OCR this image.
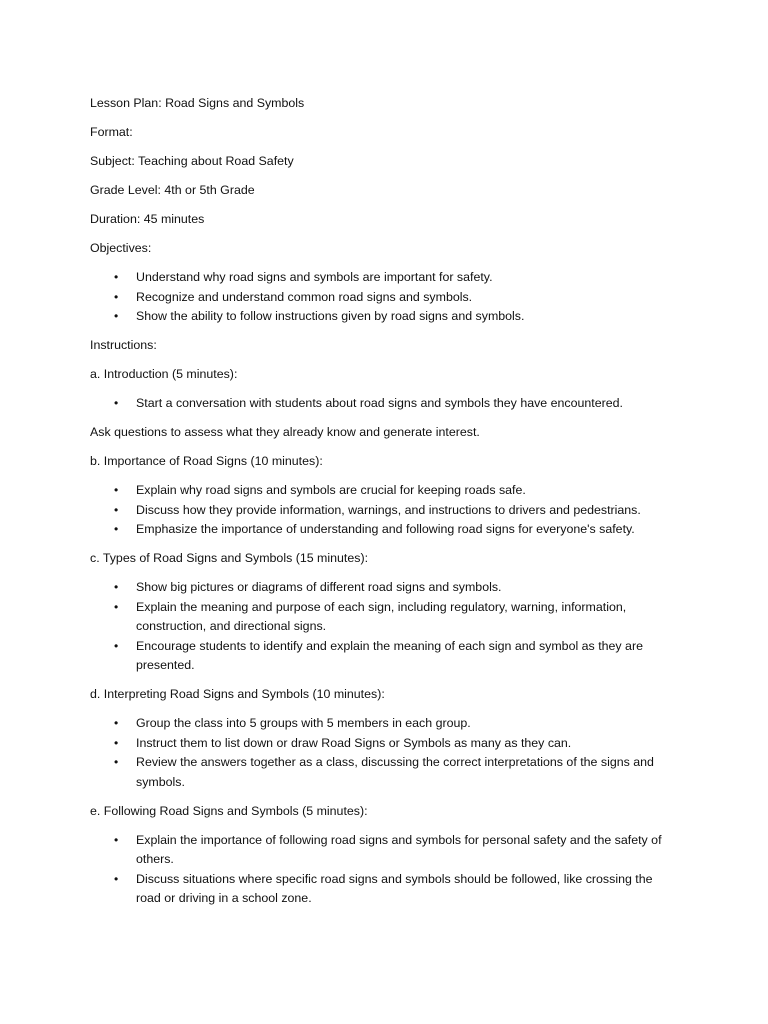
Lesson Plan: Road Signs and Symbols

Format:

Subject: Teaching about Road Safety

Grade Level: 4th or 5th Grade

Duration: 45 minutes

Objectives:

• Understand why road signs and symbols are important for safety.
• Recognize and understand common road signs and symbols.
• Show the ability to follow instructions given by road signs and symbols.

Instructions:

a. Introduction (5 minutes):

• Start a conversation with students about road signs and symbols they have encountered.

Ask questions to assess what they already know and generate interest.

b. Importance of Road Signs (10 minutes):

• Explain why road signs and symbols are crucial for keeping roads safe.
• Discuss how they provide information, warnings, and instructions to drivers and pedestrians.
• Emphasize the importance of understanding and following road signs for everyone's safety.

c. Types of Road Signs and Symbols (15 minutes):

• Show big pictures or diagrams of different road signs and symbols.
• Explain the meaning and purpose of each sign, including regulatory, warning, information, construction, and directional signs.
• Encourage students to identify and explain the meaning of each sign and symbol as they are presented.

d. Interpreting Road Signs and Symbols (10 minutes):

• Group the class into 5 groups with 5 members in each group.
• Instruct them to list down or draw Road Signs or Symbols as many as they can.
• Review the answers together as a class, discussing the correct interpretations of the signs and symbols.

e. Following Road Signs and Symbols (5 minutes):

• Explain the importance of following road signs and symbols for personal safety and the safety of others.
• Discuss situations where specific road signs and symbols should be followed, like crossing the road or driving in a school zone.
